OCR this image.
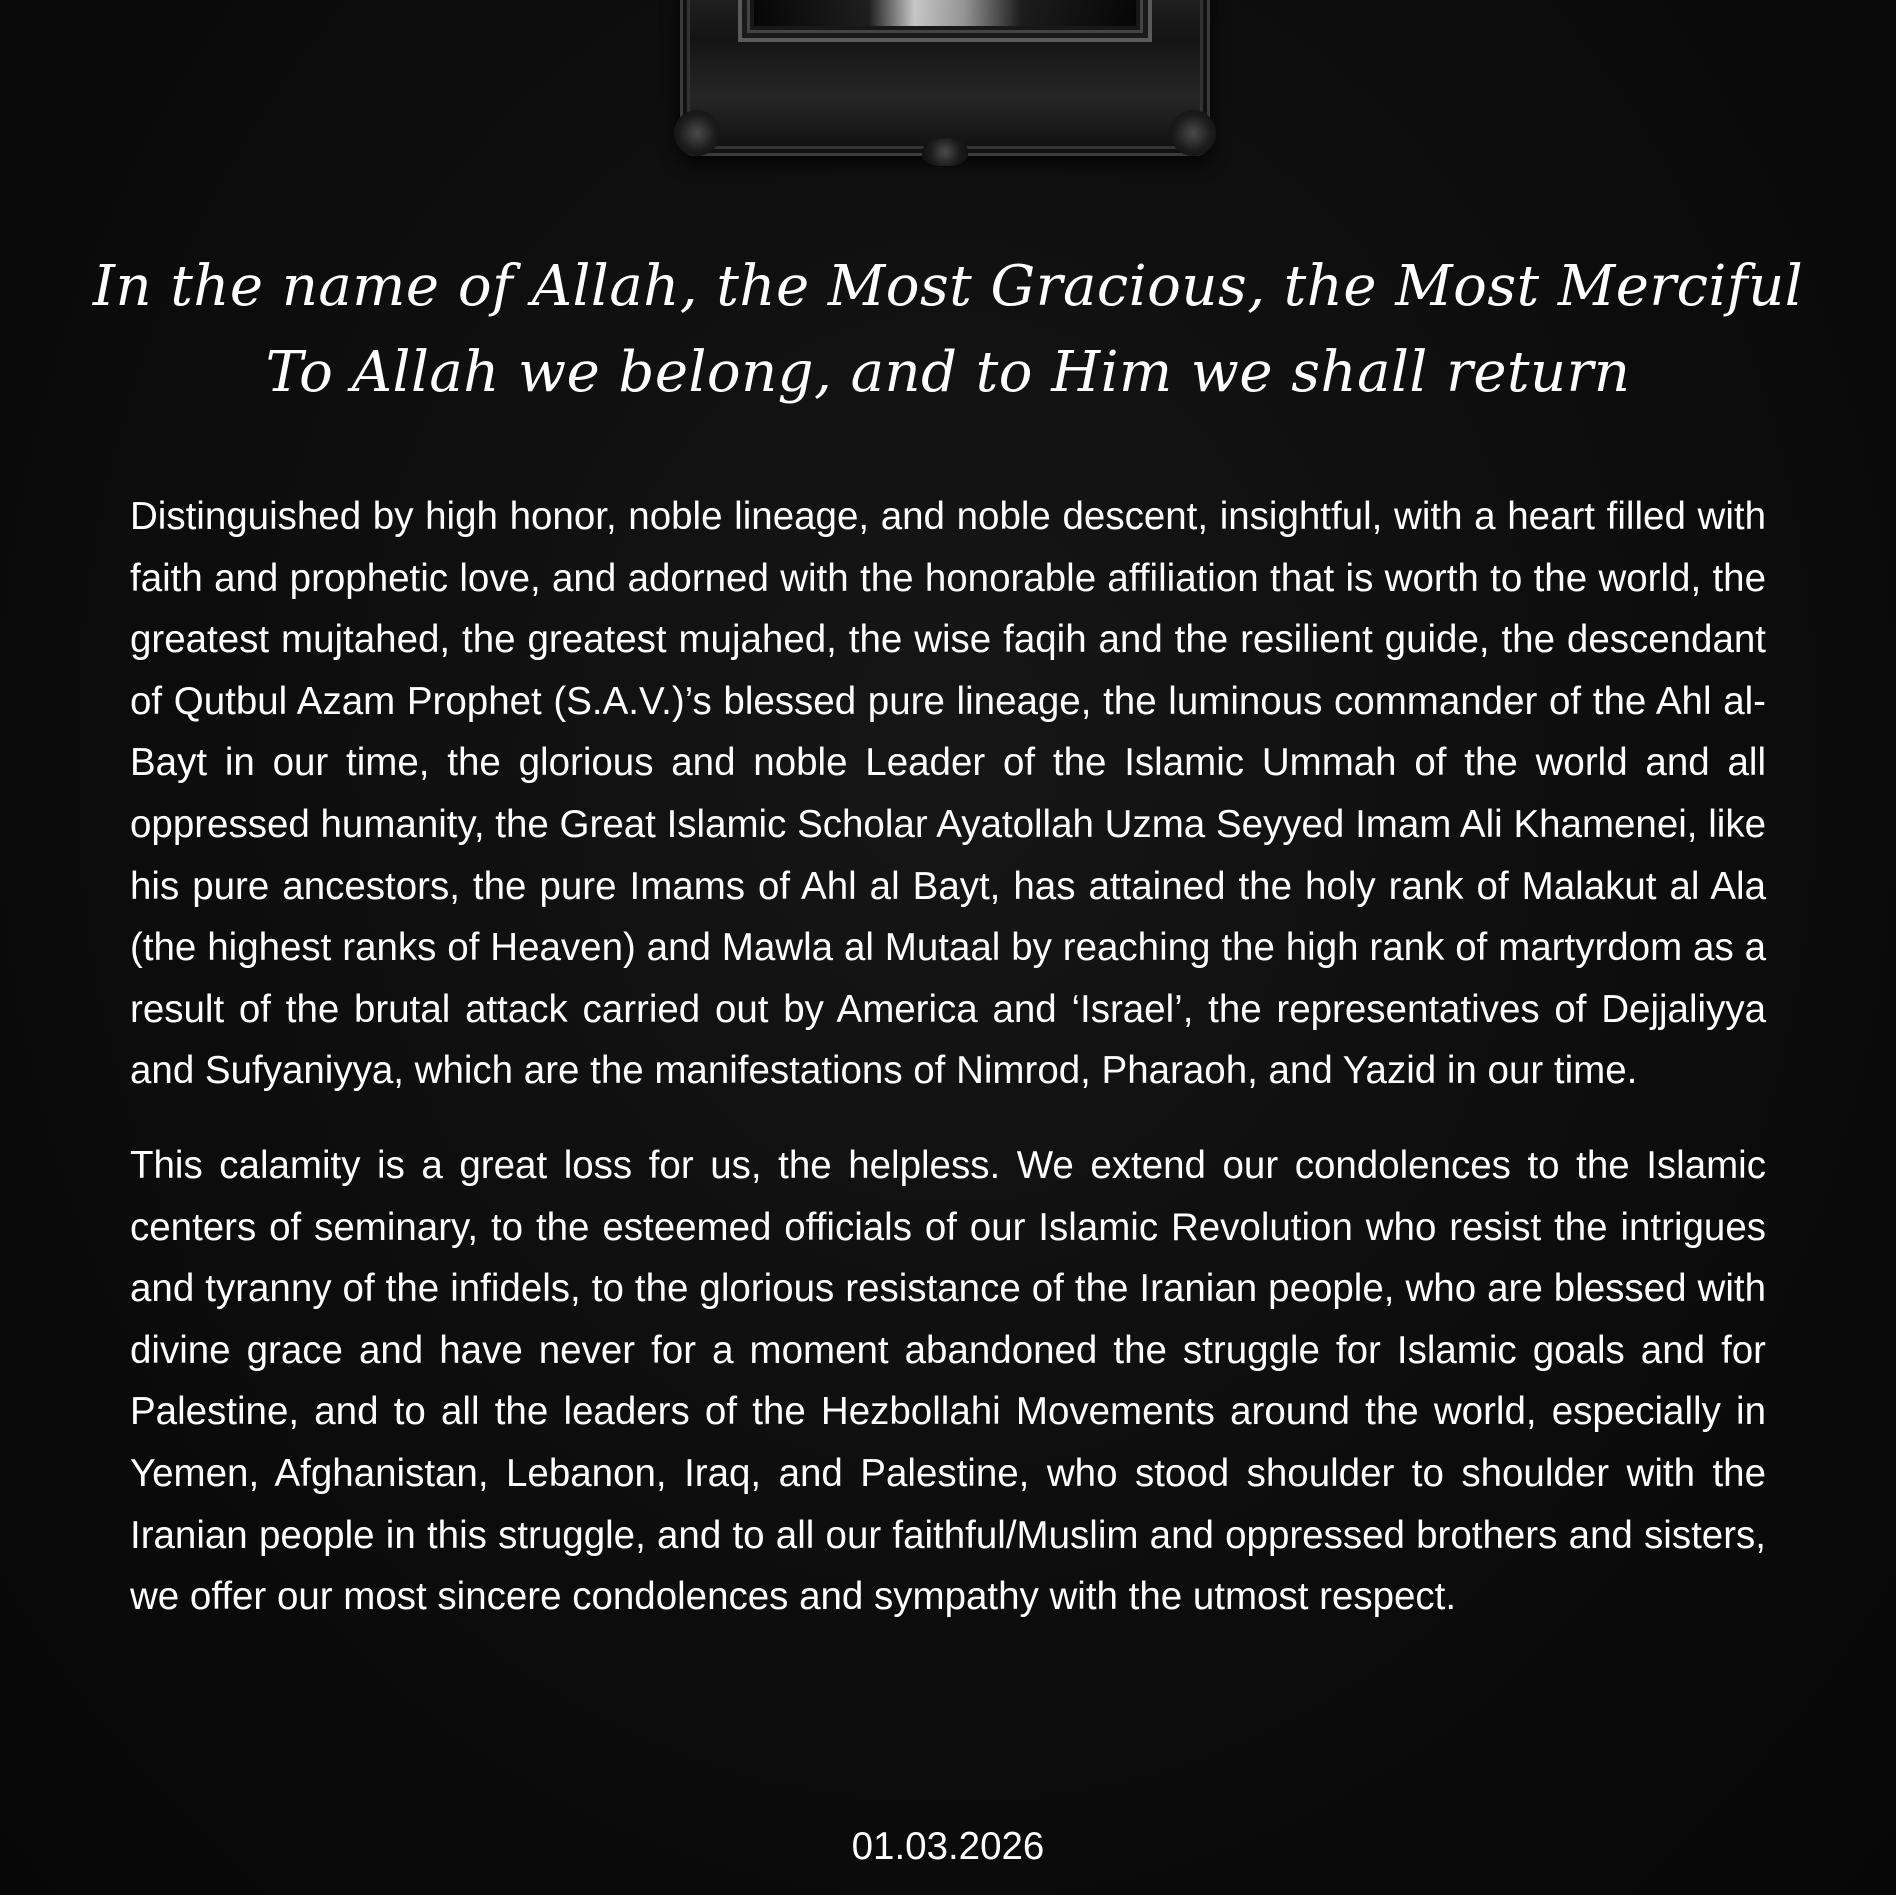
In the name of Allah, the Most Gracious, the Most Merciful
To Allah we belong, and to Him we shall return

Distinguished by high honor, noble lineage, and noble descent, insightful, with a heart filled with faith and prophetic love, and adorned with the honorable affiliation that is worth to the world, the greatest mujtahed, the greatest mujahed, the wise faqih and the resilient guide, the descendant of Qutbul Azam Prophet (S.A.V.)’s blessed pure lineage, the luminous commander of the Ahl al-Bayt in our time, the glorious and noble Leader of the Islamic Ummah of the world and all oppressed humanity, the Great Islamic Scholar Ayatollah Uzma Seyyed Imam Ali Khamenei, like his pure ancestors, the pure Imams of Ahl al Bayt, has attained the holy rank of Malakut al Ala (the highest ranks of Heaven) and Mawla al Mutaal by reaching the high rank of martyrdom as a result of the brutal attack carried out by America and ‘Israel’, the representatives of Dejjaliyya and Sufyaniyya, which are the manifestations of Nimrod, Pharaoh, and Yazid in our time.

This calamity is a great loss for us, the helpless. We extend our condolences to the Islamic centers of seminary, to the esteemed officials of our Islamic Revolution who resist the intrigues and tyranny of the infidels, to the glorious resistance of the Iranian people, who are blessed with divine grace and have never for a moment abandoned the struggle for Islamic goals and for Palestine, and to all the leaders of the Hezbollahi Movements around the world, especially in Yemen, Afghanistan, Lebanon, Iraq, and Palestine, who stood shoulder to shoulder with the Iranian people in this struggle, and to all our faithful/Muslim and oppressed brothers and sisters, we offer our most sincere condolences and sympathy with the utmost respect.

01.03.2026
